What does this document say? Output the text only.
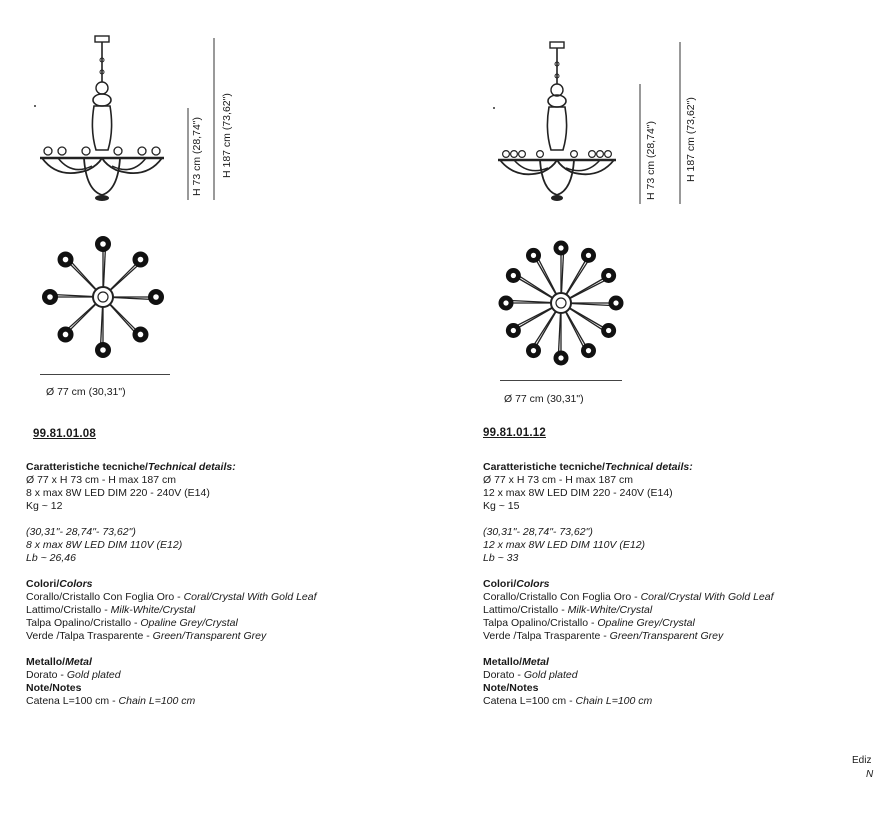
H 73 cm (28,74") H 187 cm (73,62")
Ø 77 cm (30,31")
99.81.01.08
Caratteristiche tecniche/Technical details:
Ø 77 x H 73 cm - H max 187 cm
8 x max 8W LED DIM 220 - 240V (E14)
Kg ~ 12
(30,31"- 28,74"- 73,62")
8 x max 8W LED DIM 110V (E12)
Lb ~ 26,46
Colori/Colors
Corallo/Cristallo Con Foglia Oro - Coral/Crystal With Gold Leaf
Lattimo/Cristallo - Milk-White/Crystal
Talpa Opalino/Cristallo - Opaline Grey/Crystal
Verde /Talpa Trasparente - Green/Transparent Grey
Metallo/Metal
Dorato - Gold plated
Note/Notes
Catena L=100 cm - Chain L=100 cm
H 73 cm (28,74")	H 187 cm (73,62")
Ø 77 cm (30,31")
99.81.01.12
Caratteristiche tecniche/Technical details:
Ø 77 x H 73 cm - H max 187 cm
12 x max 8W LED DIM 220 - 240V (E14)
Kg ~ 15
(30,31"- 28,74"- 73,62")
12 x max 8W LED DIM 110V (E12)
Lb ~ 33
Colori/Colors
Corallo/Cristallo Con Foglia Oro - Coral/Crystal With Gold Leaf
Lattimo/Cristallo - Milk-White/Crystal
Talpa Opalino/Cristallo - Opaline Grey/Crystal
Verde /Talpa Trasparente - Green/Transparent Grey
Metallo/Metal
Dorato - Gold plated
Note/Notes
Catena L=100 cm - Chain L=100 cm
Ediz
N
